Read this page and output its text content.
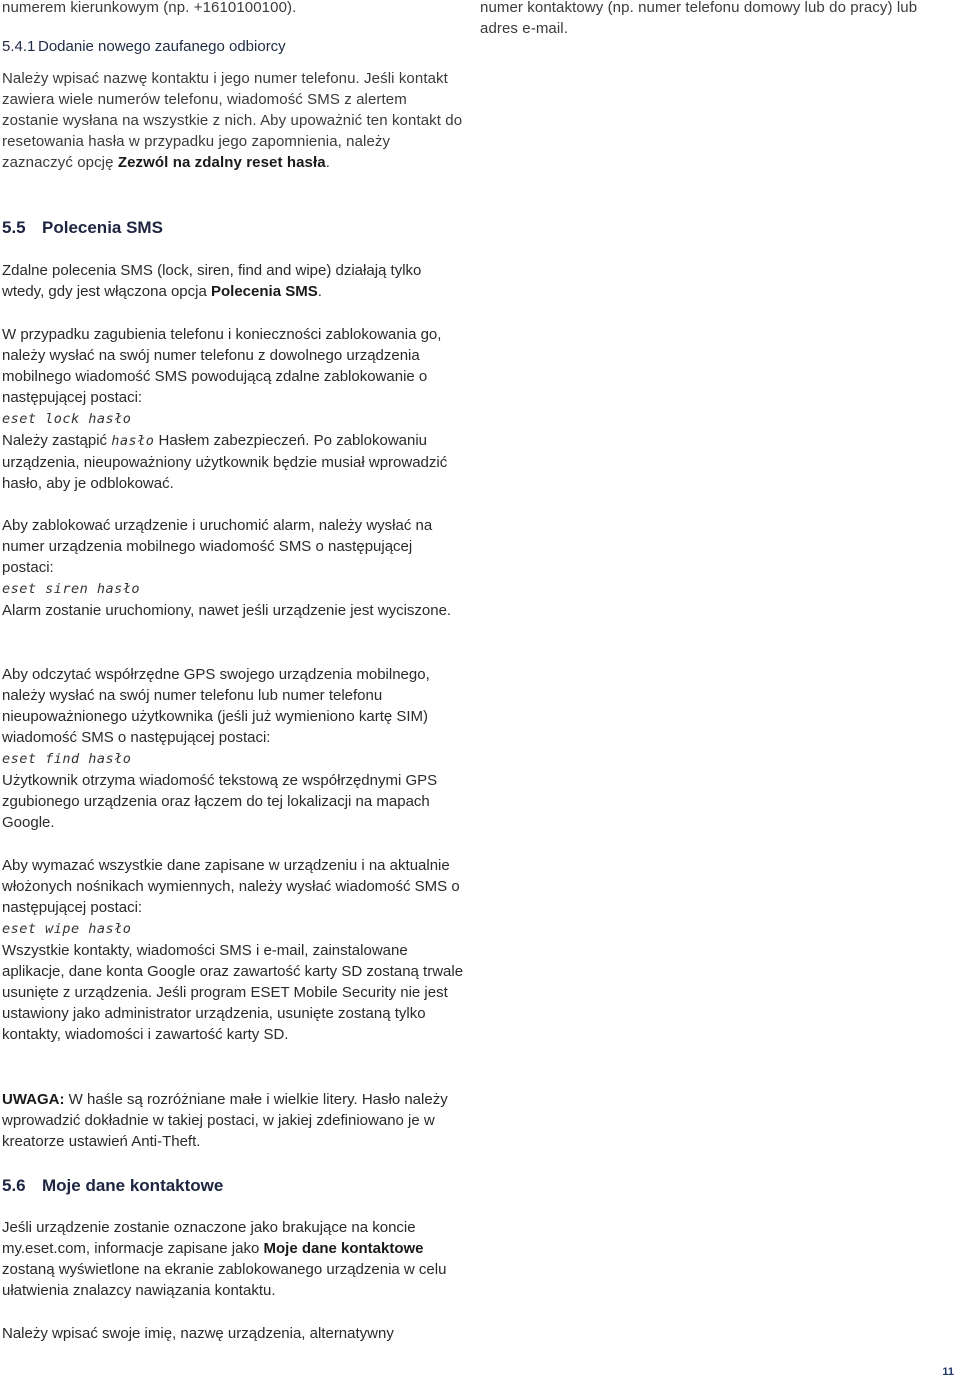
numerem kierunkowym (np. +1610100100).

5.4.1 Dodanie nowego zaufanego odbiorcy

Należy wpisać nazwę kontaktu i jego numer telefonu. Jeśli kontakt zawiera wiele numerów telefonu, wiadomość SMS z alertem zostanie wysłana na wszystkie z nich. Aby upoważnić ten kontakt do resetowania hasła w przypadku jego zapomnienia, należy zaznaczyć opcję Zezwól na zdalny reset hasła.

5.5 Polecenia SMS

Zdalne polecenia SMS (lock, siren, find and wipe) działają tylko wtedy, gdy jest włączona opcja Polecenia SMS.

W przypadku zagubienia telefonu i konieczności zablokowania go, należy wysłać na swój numer telefonu z dowolnego urządzenia mobilnego wiadomość SMS powodującą zdalne zablokowanie o następującej postaci:
eset lock hasło
Należy zastąpić hasło Hasłem zabezpieczeń. Po zablokowaniu urządzenia, nieupoważniony użytkownik będzie musiał wprowadzić hasło, aby je odblokować.

Aby zablokować urządzenie i uruchomić alarm, należy wysłać na numer urządzenia mobilnego wiadomość SMS o następującej postaci:
eset siren hasło
Alarm zostanie uruchomiony, nawet jeśli urządzenie jest wyciszone.

Aby odczytać współrzędne GPS swojego urządzenia mobilnego, należy wysłać na swój numer telefonu lub numer telefonu nieupoważnionego użytkownika (jeśli już wymieniono kartę SIM) wiadomość SMS o następującej postaci:
eset find hasło
Użytkownik otrzyma wiadomość tekstową ze współrzędnymi GPS zgubionego urządzenia oraz łączem do tej lokalizacji na mapach Google.

Aby wymazać wszystkie dane zapisane w urządzeniu i na aktualnie włożonych nośnikach wymiennych, należy wysłać wiadomość SMS o następującej postaci:
eset wipe hasło
Wszystkie kontakty, wiadomości SMS i e-mail, zainstalowane aplikacje, dane konta Google oraz zawartość karty SD zostaną trwale usunięte z urządzenia. Jeśli program ESET Mobile Security nie jest ustawiony jako administrator urządzenia, usunięte zostaną tylko kontakty, wiadomości i zawartość karty SD.

UWAGA: W haśle są rozróżniane małe i wielkie litery. Hasło należy wprowadzić dokładnie w takiej postaci, w jakiej zdefiniowano je w kreatorze ustawień Anti-Theft.

5.6 Moje dane kontaktowe

Jeśli urządzenie zostanie oznaczone jako brakujące na koncie my.eset.com, informacje zapisane jako Moje dane kontaktowe zostaną wyświetlone na ekranie zablokowanego urządzenia w celu ułatwienia znalazcy nawiązania kontaktu.

Należy wpisać swoje imię, nazwę urządzenia, alternatywny

numer kontaktowy (np. numer telefonu domowy lub do pracy) lub adres e-mail.

11
